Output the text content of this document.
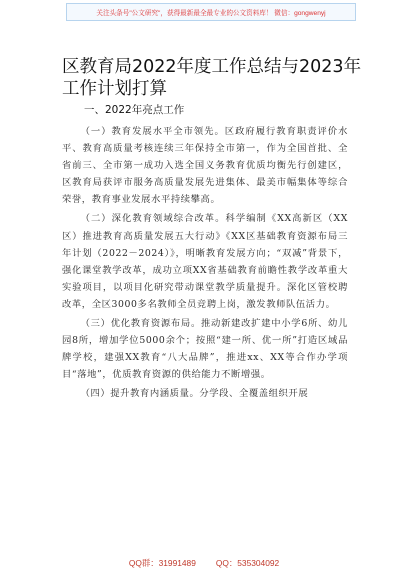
关注头条号"公文研究"，获得最新最全最专业的公文资料库！ 微信：gongwenyj
区教育局2022年度工作总结与2023年工作计划打算
一、2022年亮点工作

（一）教育发展水平全市领先。区政府履行教育职责评价水平、教育高质量考核连续三年保持全市第一，作为全国首批、全省前三、全市第一成功入选全国义务教育优质均衡先行创建区，区教育局获评市服务高质量发展先进集体、最美市幅集体等综合荣誉，教育事业发展水平持续攀高。

（二）深化教育领域综合改革。科学编制《XX高新区（XX区）推进教育高质量发展五大行动》《XX区基础教育资源布局三年计划（2022－2024）》，明晰教育发展方向；“双减”背景下，强化课堂教学改革，成功立项XX省基础教育前瞻性教学改革重大实验项目，以项目化研究带动课堂教学质量提升。深化区管校聘改革，全区3000多名教师全员竞聘上岗，激发教师队伍活力。

（三）优化教育资源布局。推动新建改扩建中小学6所、幼儿园8所，增加学位5000余个；按照“建一所、优一所”打造区域品牌学校，建强XX教育“八大品牌”，推进xx、XX等合作办学项目“落地”，优质教育资源的供给能力不断增强。

（四）提升教育内涵质量。分学段、全覆盖组织开展

QQ群：31991489 QQ：535304092
